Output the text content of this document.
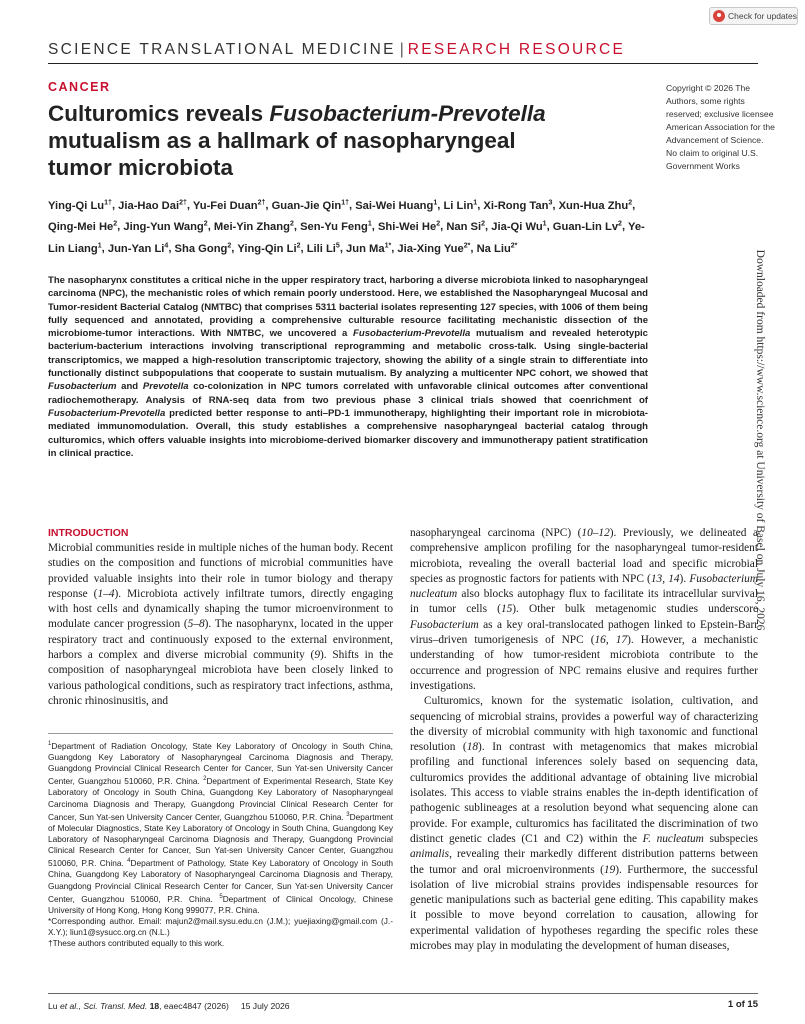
Check for updates
SCIENCE TRANSLATIONAL MEDICINE | RESEARCH RESOURCE
CANCER
Culturomics reveals Fusobacterium-Prevotella mutualism as a hallmark of nasopharyngeal tumor microbiota
Copyright © 2026 The Authors, some rights reserved; exclusive licensee American Association for the Advancement of Science. No claim to original U.S. Government Works
Ying-Qi $Lu^{1\dagger}$, Jia-Hao Dai$^{2\dagger}$, Yu-Fei Duan$^{2\dagger}$, Guan-Jie Qin$^{1\dagger}$, Sai-Wei Huang$^1$, Li Lin$^1$, Xi-Rong Tan$^3$, Xun-Hua Zhu$^2$, Qing-Mei He$^2$, Jing-Yun Wang$^2$, Mei-Yin Zhang$^2$, Sen-Yu Feng$^1$, Shi-Wei He$^2$, Nan Si$^2$, Jia-Qi Wu$^1$, Guan-Lin Lv$^2$, Ye-Lin Liang$^1$, Jun-Yan Li$^4$, Sha Gong$^2$, Ying-Qin Li$^2$, Lili Li$^5$, Jun $Ma^{1*}$, Jia-Xing Yue$^{2*}$, Na Liu$^{2*}$
The nasopharynx constitutes a critical niche in the upper respiratory tract, harboring a diverse microbiota linked to nasopharyngeal carcinoma (NPC), the mechanistic roles of which remain poorly understood. Here, we established the Nasopharyngeal Mucosal and Tumor-resident Bacterial Catalog (NMTBC) that comprises 5311 bacterial isolates representing 127 species, with 1006 of them being fully sequenced and annotated, providing a comprehensive culturable resource facilitating mechanistic dissection of the microbiome-tumor interactions. With NMTBC, we uncovered a Fusobacterium-Prevotella mutualism and revealed heterotypic bacterium-bacterium interactions involving transcriptional reprogramming and metabolic cross-talk. Using single-bacterial transcriptomics, we mapped a high-resolution transcriptomic trajectory, showing the ability of a single strain to differentiate into functionally distinct subpopulations that cooperate to sustain mutualism. By analyzing a multicenter NPC cohort, we showed that Fusobacterium and Prevotella co-colonization in NPC tumors correlated with unfavorable clinical outcomes after conventional radiochemotherapy. Analysis of RNA-seq data from two previous phase 3 clinical trials showed that coenrichment of Fusobacterium-Prevotella predicted better response to anti–PD-1 immunotherapy, highlighting their important role in microbiota-mediated immunomodulation. Overall, this study establishes a comprehensive nasopharyngeal bacterial catalog through culturomics, which offers valuable insights into microbiome-derived biomarker discovery and immunotherapy patient stratification in clinical practice.	Downloaded from https://www.science.org at University of Basel on July 16, 2026
INTRODUCTION

Microbial communities reside in multiple niches of the human body. Recent studies on the composition and functions of microbial communities have provided valuable insights into their role in tumor biology and therapy response (1–4). Microbiota actively infiltrate tumors, directly engaging with host cells and dynamically shaping the tumor microenvironment to modulate cancer progression (5–8). The nasopharynx, located in the upper respiratory tract and continuously exposed to the external environment, harbors a complex and diverse microbial community (9). Shifts in the composition of nasopharyngeal microbiota have been closely linked to various pathological conditions, such as respiratory tract infections, asthma, chronic rhinosinusitis, and

nasopharyngeal carcinoma (NPC) (10–12). Previously, we delineated a comprehensive amplicon profiling for the nasopharyngeal tumor-resident microbiota, revealing the overall bacterial load and specific microbial species as prognostic factors for patients with NPC (13, 14). Fusobacterium nucleatum also blocks autophagy flux to facilitate its intracellular survival in tumor cells (15). Other bulk metagenomic studies underscore Fusobacterium as a key oral-translocated pathogen linked to Epstein-Barr virus–driven tumorigenesis of NPC (16, 17). However, a mechanistic understanding of how tumor-resident microbiota contribute to the occurrence and progression of NPC remains elusive and requires further investigations.

Culturomics, known for the systematic isolation, cultivation, and sequencing of microbial strains, provides a powerful way of characterizing the diversity of microbial community with high taxonomic and functional resolution (18). In contrast with metagenomics that makes microbial profiling and functional inferences solely based on sequencing data, culturomics provides the additional advantage of obtaining live microbial isolates. This access to viable strains enables the in-depth identification of pathogenic sublineages at a resolution beyond what sequencing alone can provide. For example, culturomics has facilitated the discrimination of two distinct genetic clades (C1 and C2) within the F. nucleatum subspecies animalis, revealing their markedly different distribution patterns between the tumor and oral microenvironments (19). Furthermore, the successful isolation of live microbial strains provides indispensable resources for genetic manipulations such as bacterial gene editing. This capability makes it possible to move beyond correlation to causation, allowing for experimental validation of hypotheses regarding the specific roles these microbes may play in modulating the development of human diseases,

$^1$Department of Radiation Oncology, State Key Laboratory of Oncology in South China, Guangdong Key Laboratory of Nasopharyngeal Carcinoma Diagnosis and Therapy, Guangdong Provincial Clinical Research Center for Cancer, Sun Yat-sen University Cancer Center, Guangzhou 510060, P.R. China. $^2$Department of Experimental Research, State Key Laboratory of Oncology in South China, Guangdong Key Laboratory of Nasopharyngeal Carcinoma Diagnosis and Therapy, Guangdong Provincial Clinical Research Center for Cancer, Sun Yat-sen University Cancer Center, Guangzhou 510060, P.R. China. $^3$Department of Molecular Diagnostics, State Key Laboratory of Oncology in South China, Guangdong Key Laboratory of Nasopharyngeal Carcinoma Diagnosis and Therapy, Guangdong Provincial Clinical Research Center for Cancer, Sun Yat-sen University Cancer Center, Guangzhou 510060, P.R. China. $^4$Department of Pathology, State Key Laboratory of Oncology in South China, Guangdong Key Laboratory of Nasopharyngeal Carcinoma Diagnosis and Therapy, Guangdong Provincial Clinical Research Center for Cancer, Sun Yat-sen University Cancer Center, Guangzhou 510060, P.R. China. $^5$Department of Clinical Oncology, Chinese University of Hong Kong, Hong Kong 999077, P.R. China.
*Corresponding author. Email: majun2@mail.sysu.edu.cn (J.M.); yuejiaxing@gmail.com (J.-X.Y.); liun1@sysucc.org.cn (N.L.)
†These authors contributed equally to this work.
Lu et al., Sci. Transl. Med. 18, eaec4847 (2026)     15 July 2026	1 of 15
